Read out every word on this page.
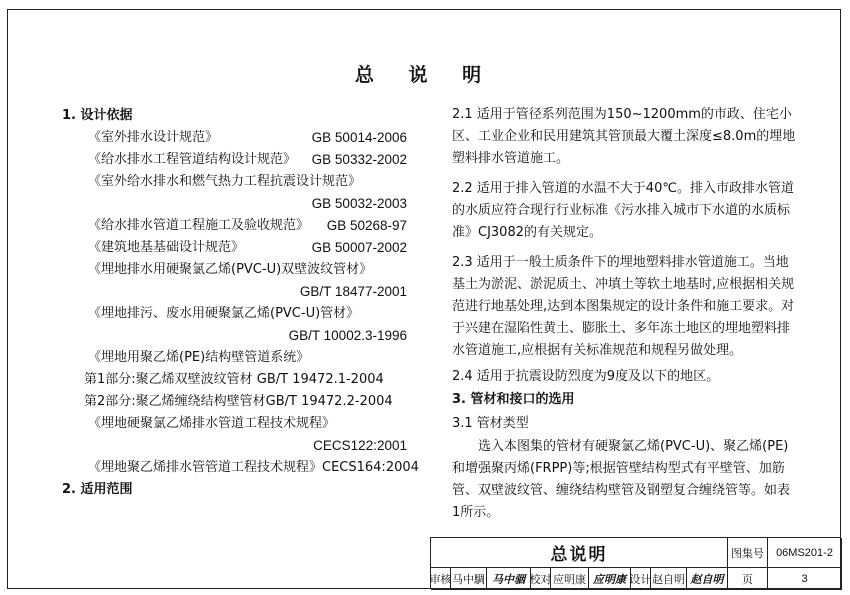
总 说 明
1. 设计依据
《室外排水设计规范》	GB 50014-2006
《给水排水工程管道结构设计规范》 GB 50332-2002
《室外给水排水和燃气热力工程抗震设计规范》
GB 50032-2003
《给水排水管道工程施工及验收规范》 GB 50268-97
《建筑地基基础设计规范》	GB 50007-2002
《埋地排水用硬聚氯乙烯(PVC-U)双壁波纹管材》
GB/T 18477-2001
《埋地排污、废水用硬聚氯乙烯(PVC-U)管材》
GB/T 10002.3-1996
《埋地用聚乙烯(PE)结构壁管道系统》
第1部分:聚乙烯双壁波纹管材 GB/T 19472.1-2004
第2部分:聚乙烯缠绕结构壁管材GB/T 19472.2-2004
《埋地硬聚氯乙烯排水管道工程技术规程》
CECS122:2001
《埋地聚乙烯排水管管道工程技术规程》CECS164:2004
2. 适用范围

2.1 适用于管径系列范围为150~1200mm的市政、住宅小区、工业企业和民用建筑其管顶最大覆土深度≤8.0m的埋地塑料排水管道施工。

2.2 适用于排入管道的水温不大于40℃。排入市政排水管道的水质应符合现行行业标准《污水排入城市下水道的水质标准》CJ3082的有关规定。

2.3 适用于一般土质条件下的埋地塑料排水管道施工。当地基土为淤泥、淤泥质土、冲填土等软土地基时,应根据相关规范进行地基处理,达到本图集规定的设计条件和施工要求。对于兴建在湿陷性黄土、膨胀土、多年冻土地区的埋地塑料排水管道施工,应根据有关标准规范和规程另做处理。

2.4 适用于抗震设防烈度为9度及以下的地区。

3. 管材和接口的选用
3.1 管材类型

选入本图集的管材有硬聚氯乙烯(PVC-U)、聚乙烯(PE)和增强聚丙烯(FRPP)等;根据管壁结构型式有平壁管、加筋管、双壁波纹管、缠绕结构壁管及钢塑复合缠绕管等。如表1所示。

总说明	图集号	06MS201-2
审核 马中騆 马中骃 校对 应明康 应明康 设计 赵自明 赵自明	页	3
